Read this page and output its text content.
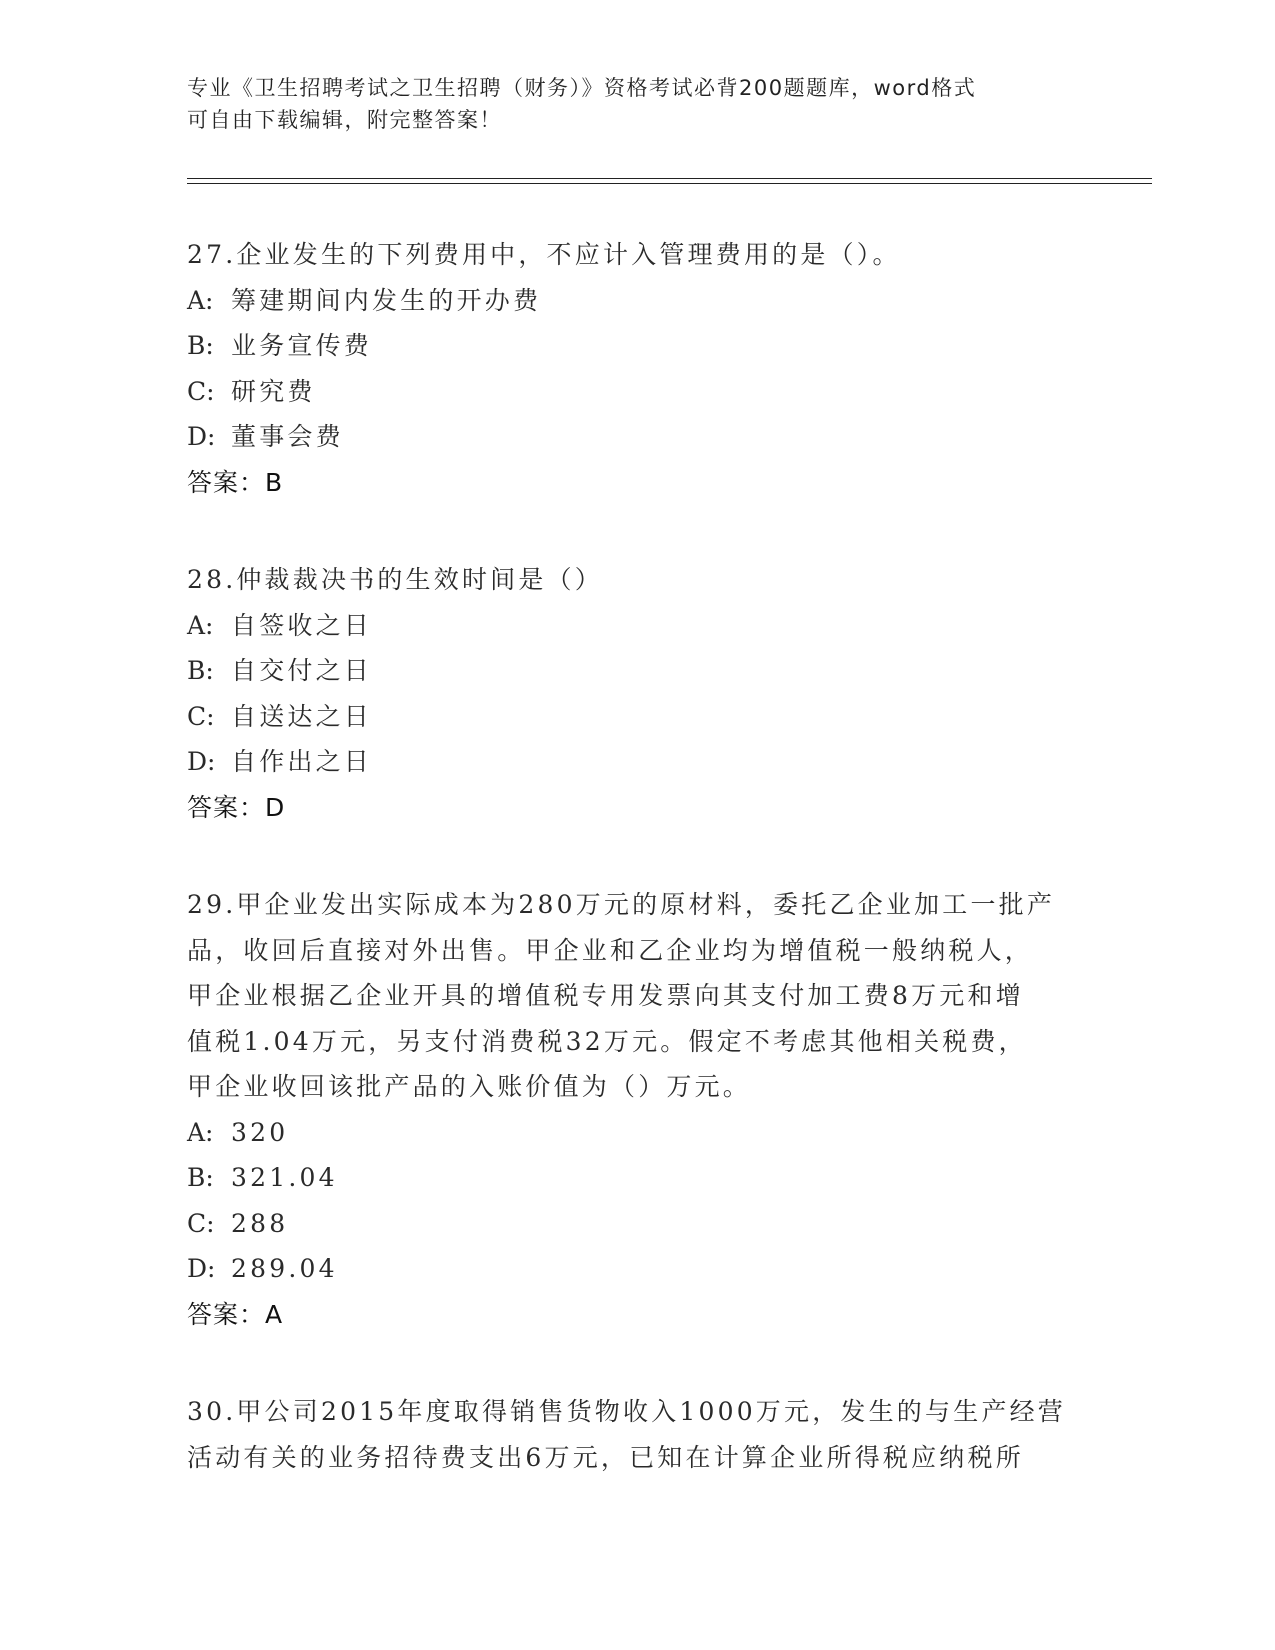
专业《卫生招聘考试之卫生招聘（财务）》资格考试必背200题题库，word格式
可自由下载编辑，附完整答案！
27.企业发生的下列费用中，不应计入管理费用的是（）。
A: 筹建期间内发生的开办费
B: 业务宣传费
C: 研究费
D: 董事会费
答案：B
28.仲裁裁决书的生效时间是（）
A: 自签收之日
B: 自交付之日
C: 自送达之日
D: 自作出之日
答案：D
29.甲企业发出实际成本为280万元的原材料，委托乙企业加工一批产
品，收回后直接对外出售。甲企业和乙企业均为增值税一般纳税人，
甲企业根据乙企业开具的增值税专用发票向其支付加工费8万元和增
值税1.04万元，另支付消费税32万元。假定不考虑其他相关税费，
甲企业收回该批产品的入账价值为（）万元。
A: 320
B: 321.04
C: 288
D: 289.04
答案：A
30.甲公司2015年度取得销售货物收入1000万元，发生的与生产经营
活动有关的业务招待费支出6万元，已知在计算企业所得税应纳税所
